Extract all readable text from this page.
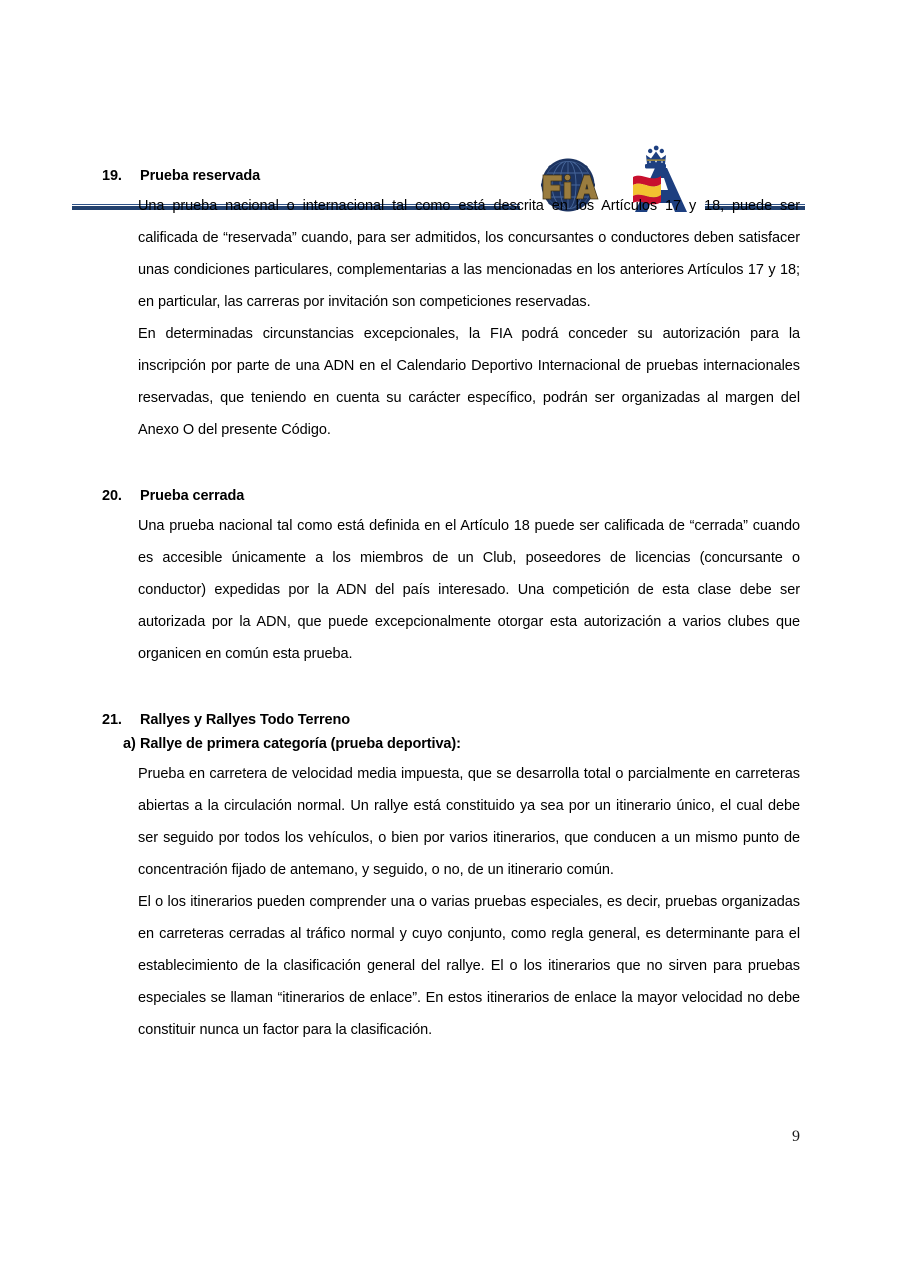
19. Prueba reservada

Una prueba nacional o internacional tal como está descrita en los Artículos 17 y 18, puede ser calificada de “reservada” cuando, para ser admitidos, los concursantes o conductores deben satisfacer unas condiciones particulares, complementarias a las mencionadas en los anteriores Artículos 17 y 18; en particular, las carreras por invitación son competiciones reservadas.

En determinadas circunstancias excepcionales, la FIA podrá conceder su autorización para la inscripción por parte de una ADN en el Calendario Deportivo Internacional de pruebas internacionales reservadas, que teniendo en cuenta su carácter específico, podrán ser organizadas al margen del Anexo O del presente Código.

20. Prueba cerrada

Una prueba nacional tal como está definida en el Artículo 18 puede ser calificada de “cerrada” cuando es accesible únicamente a los miembros de un Club, poseedores de licencias (concursante o conductor) expedidas por la ADN del país interesado. Una competición de esta clase debe ser autorizada por la ADN, que puede excepcionalmente otorgar esta autorización a varios clubes que organicen en común esta prueba.

21. Rallyes y Rallyes Todo Terreno
a) Rallye de primera categoría (prueba deportiva):

Prueba en carretera de velocidad media impuesta, que se desarrolla total o parcialmente en carreteras abiertas a la circulación normal. Un rallye está constituido ya sea por un itinerario único, el cual debe ser seguido por todos los vehículos, o bien por varios itinerarios, que conducen a un mismo punto de concentración fijado de antemano, y seguido, o no, de un itinerario común.

El o los itinerarios pueden comprender una o varias pruebas especiales, es decir, pruebas organizadas en carreteras cerradas al tráfico normal y cuyo conjunto, como regla general, es determinante para el establecimiento de la clasificación general del rallye. El o los itinerarios que no sirven para pruebas especiales se llaman “itinerarios de enlace”. En estos itinerarios de enlace la mayor velocidad no debe constituir nunca un factor para la clasificación.

9
